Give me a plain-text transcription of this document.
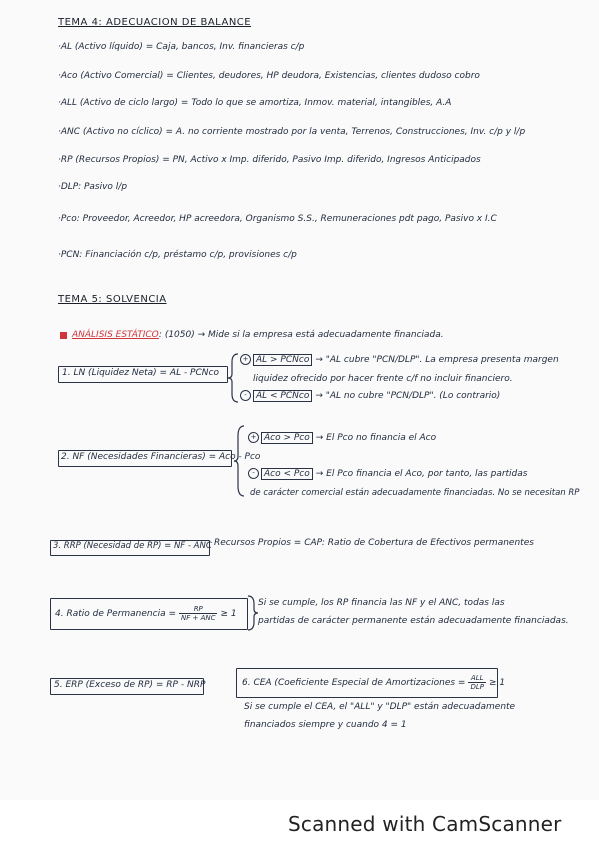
TEMA 4: ADECUACION DE BALANCE
·AL (Activo líquido) = Caja, bancos, Inv. financieras c/p
·Aco (Activo Comercial) = Clientes, deudores, HP deudora, Existencias, clientes dudoso cobro
·ALL (Activo de ciclo largo) = Todo lo que se amortiza, Inmov. material, intangibles, A.A
·ANC (Activo no cíclico) = A. no corriente mostrado por la venta, Terrenos, Construcciones, Inv. c/p y l/p
·RP (Recursos Propios) = PN, Activo x Imp. diferido, Pasivo Imp. diferido, Ingresos Anticipados
·DLP: Pasivo l/p
·Pco: Proveedor, Acreedor, HP acreedora, Organismo S.S., Remuneraciones pdt pago, Pasivo x I.C
·PCN: Financiación c/p, préstamo c/p, provisiones c/p
TEMA 5: SOLVENCIA
ANÁLISIS ESTÁTICO: (1050) → Mide si la empresa está adecuadamente financiada.
1. LN (Liquidez Neta) = AL - PCNco
+ AL > PCNco → "AL cubre "PCN/DLP". La empresa presenta margen
liquidez ofrecido por hacer frente c/f no incluir financiero.
- AL < PCNco → "AL no cubre "PCN/DLP". (Lo contrario)
2. NF (Necesidades Financieras) = Aco - Pco
+ Aco > Pco → El Pco no financia el Aco
- Aco < Pco → El Pco financia el Aco, por tanto, las partidas
de carácter comercial están adecuadamente financiadas. No se necesitan RP
3. RRP (Necesidad de RP) = NF - ANC Recursos Propios = CAP: Ratio de Cobertura de Efectivos permanentes
4. Ratio de Permanencia = $\frac{RP}{\text{NF + ANC}} \ge 1$
Si se cumple, los RP financia las NF y el ANC, todas las
partidas de carácter permanente están adecuadamente financiadas.
5. ERP (Exceso de RP) = RP - NRP	6. CEA (Coeficiente Especial de Amortizaciones = $\frac{\text{ALL}}{\text{DLP}} \ge 1$
Si se cumple el CEA, el "ALL" y "DLP" están adecuadamente
financiados siempre y cuando 4 = 1
Scanned with CamScanner
